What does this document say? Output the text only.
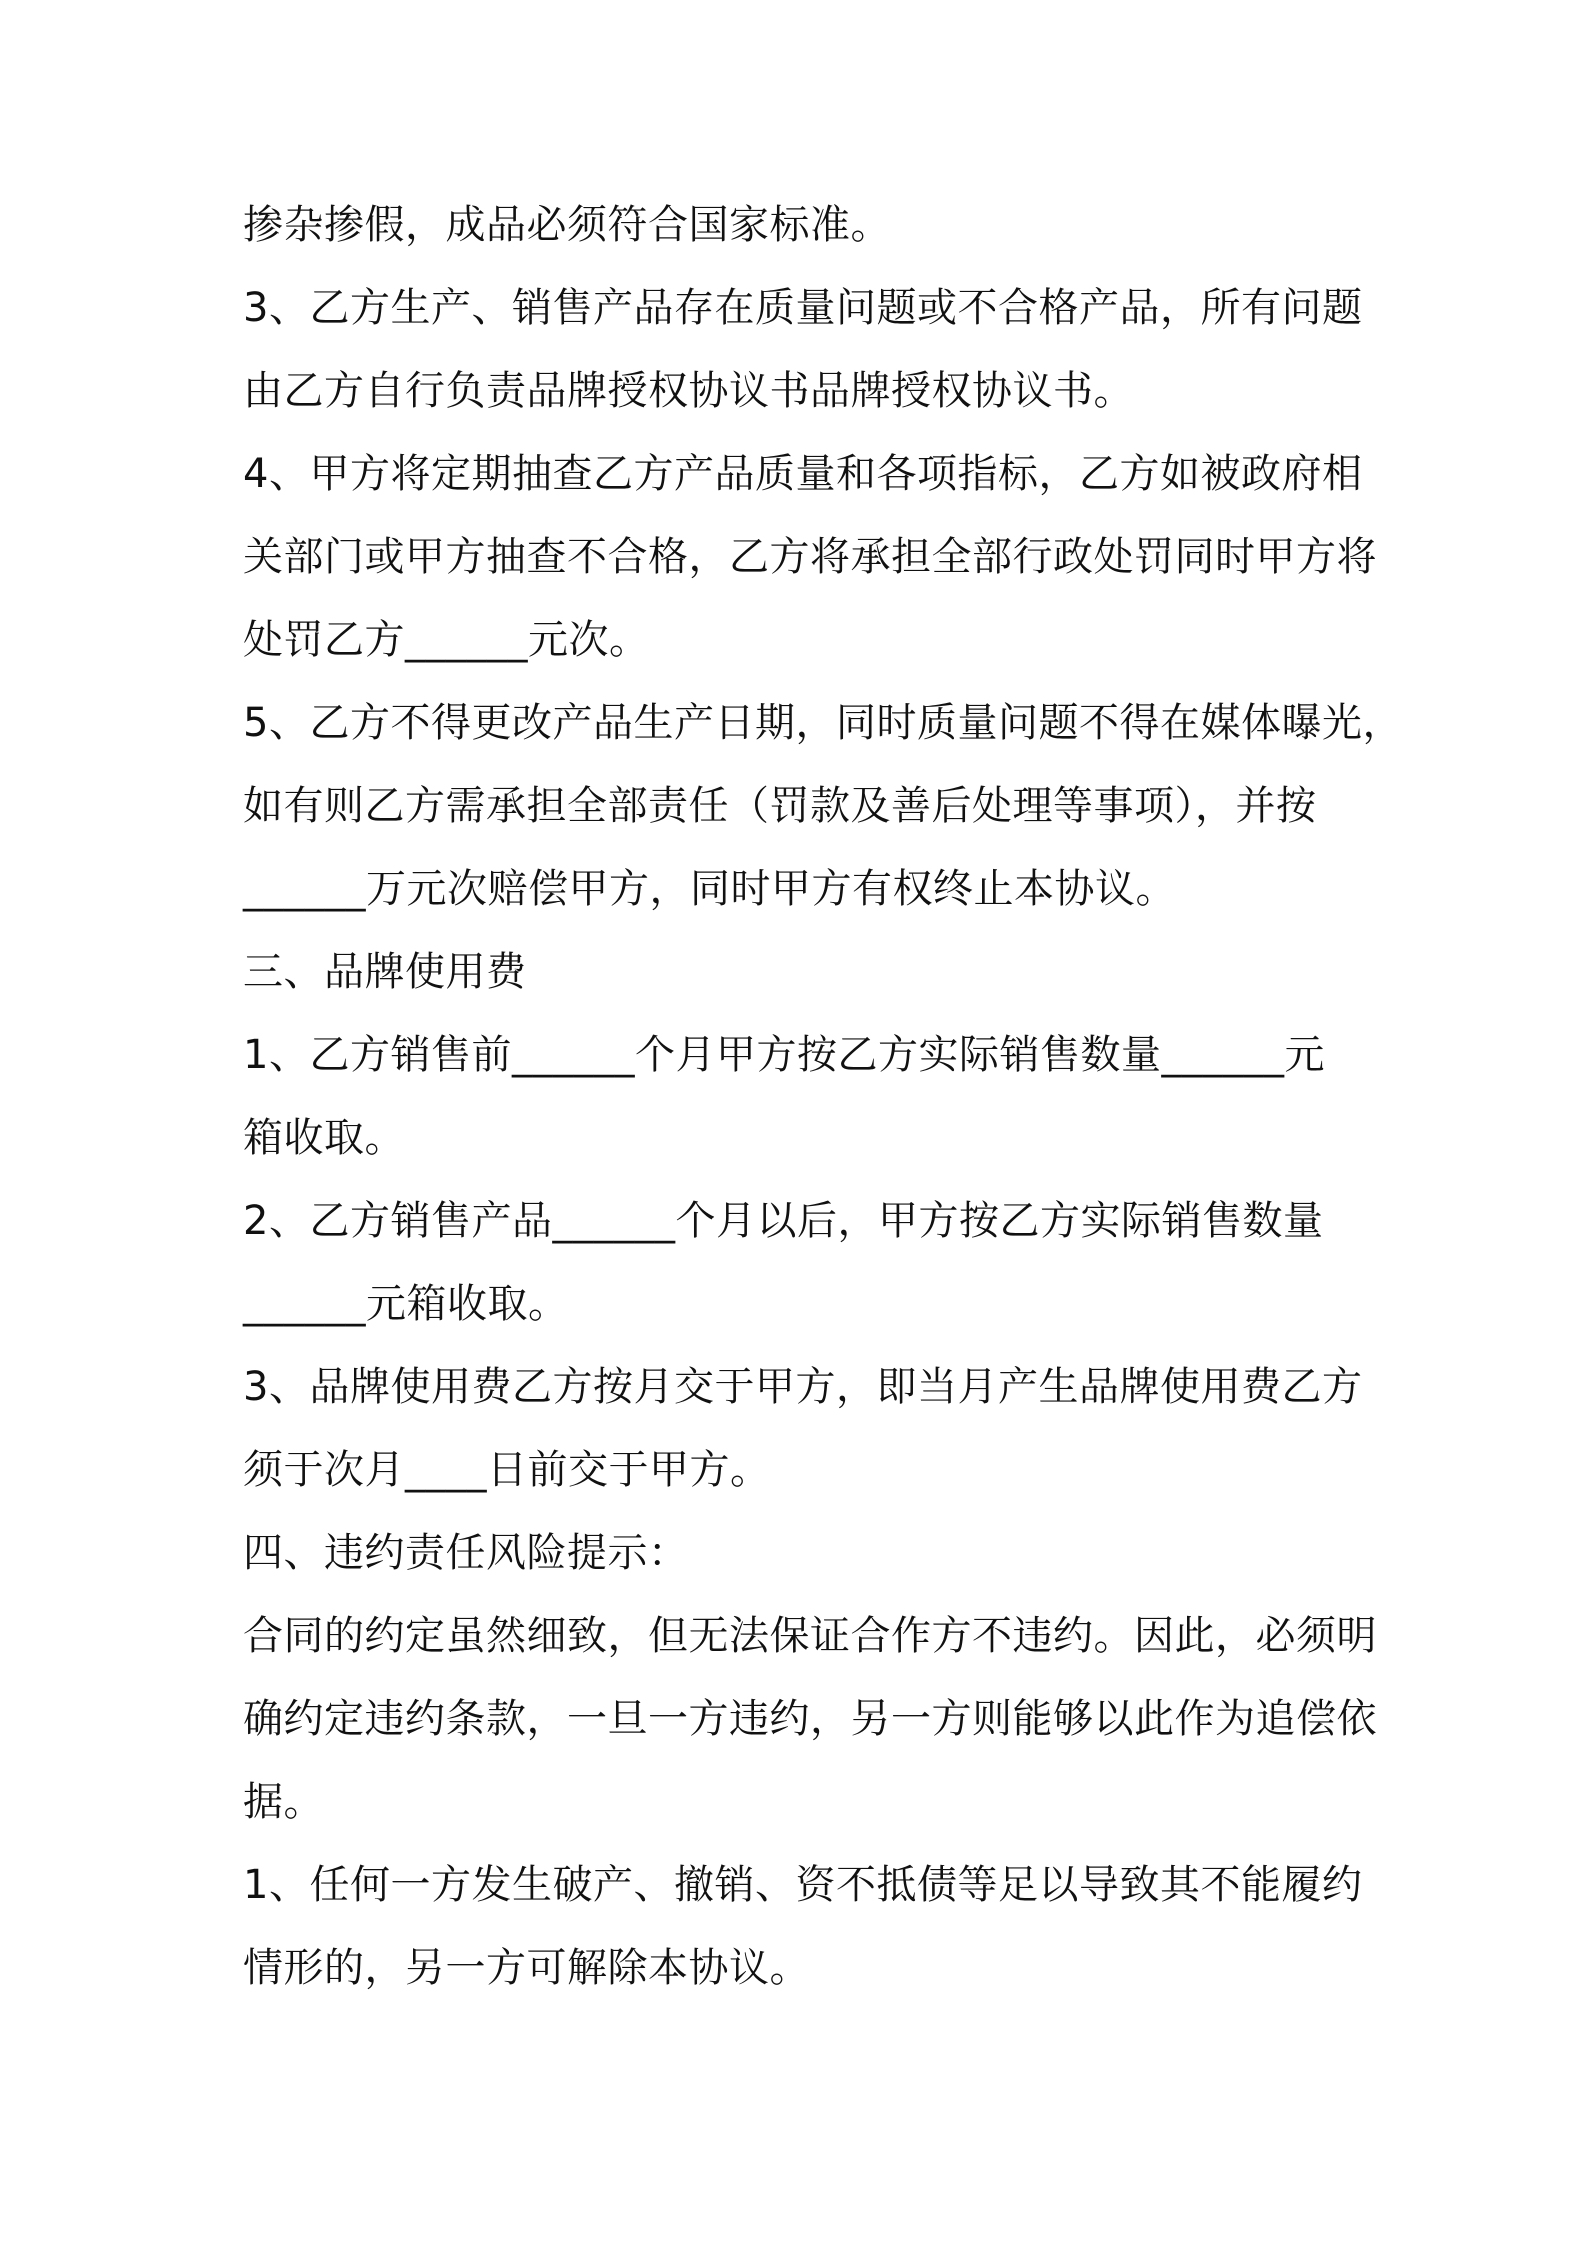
掺杂掺假，成品必须符合国家标准。
3、乙方生产、销售产品存在质量问题或不合格产品，所有问题
由乙方自行负责品牌授权协议书品牌授权协议书。
4、甲方将定期抽查乙方产品质量和各项指标，乙方如被政府相
关部门或甲方抽查不合格，乙方将承担全部行政处罚同时甲方将
处罚乙方______元次。
5、乙方不得更改产品生产日期，同时质量问题不得在媒体曝光，
如有则乙方需承担全部责任（罚款及善后处理等事项），并按
______万元次赔偿甲方，同时甲方有权终止本协议。
三、品牌使用费
1、乙方销售前______个月甲方按乙方实际销售数量______元
箱收取。
2、乙方销售产品______个月以后，甲方按乙方实际销售数量
______元箱收取。
3、品牌使用费乙方按月交于甲方，即当月产生品牌使用费乙方
须于次月____日前交于甲方。
四、违约责任风险提示：
合同的约定虽然细致，但无法保证合作方不违约。因此，必须明
确约定违约条款，一旦一方违约，另一方则能够以此作为追偿依
据。
1、任何一方发生破产、撤销、资不抵债等足以导致其不能履约
情形的，另一方可解除本协议。
